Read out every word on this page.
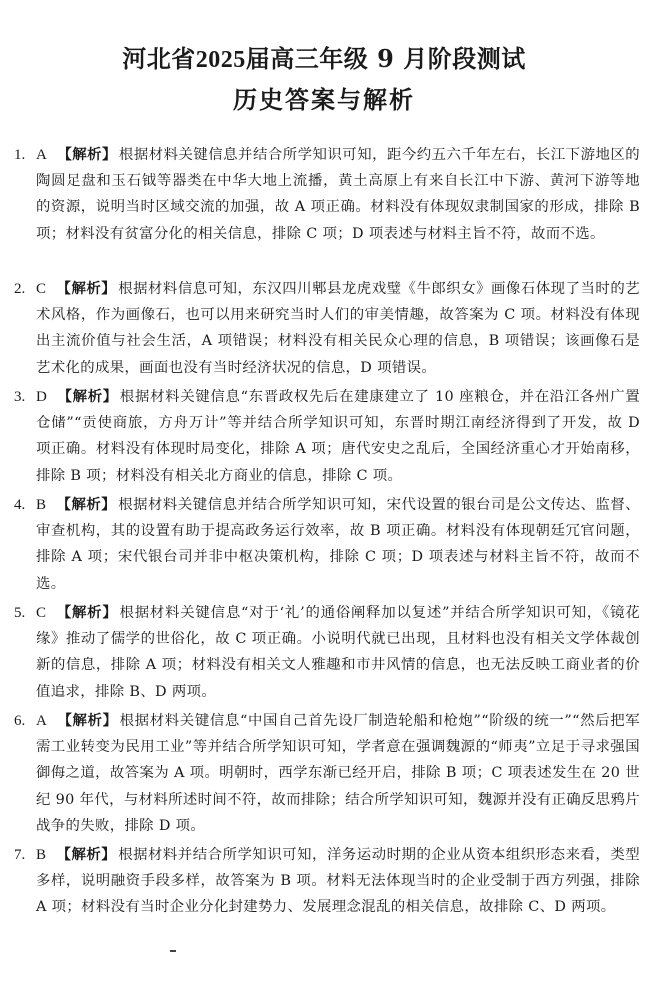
河北省2025届高三年级 9 月阶段测试
历史答案与解析
1. A 【解析】 根据材料关键信息并结合所学知识可知，距今约五六千年左右，长江下游地区的陶圆足盘和玉石钺等器类在中华大地上流播，黄土高原上有来自长江中下游、黄河下游等地的资源，说明当时区域交流的加强，故 A 项正确。材料没有体现奴隶制国家的形成，排除 B 项；材料没有贫富分化的相关信息，排除 C 项；D 项表述与材料主旨不符，故而不选。
2. C 【解析】 根据材料信息可知，东汉四川郫县龙虎戏璧《牛郎织女》画像石体现了当时的艺术风格，作为画像石，也可以用来研究当时人们的审美情趣，故答案为 C 项。材料没有体现出主流价值与社会生活，A 项错误；材料没有相关民众心理的信息，B 项错误；该画像石是艺术化的成果，画面也没有当时经济状况的信息，D 项错误。
3. D 【解析】 根据材料关键信息“东晋政权先后在建康建立了 10 座粮仓，并在沿江各州广置仓储”“贡使商旅，方舟万计”等并结合所学知识可知，东晋时期江南经济得到了开发，故 D 项正确。材料没有体现时局变化，排除 A 项；唐代安史之乱后，全国经济重心才开始南移，排除 B 项；材料没有相关北方商业的信息，排除 C 项。
4. B 【解析】 根据材料关键信息并结合所学知识可知，宋代设置的银台司是公文传达、监督、审查机构，其的设置有助于提高政务运行效率，故 B 项正确。材料没有体现朝廷冗官问题，排除 A 项；宋代银台司并非中枢决策机构，排除 C 项；D 项表述与材料主旨不符，故而不选。
5. C 【解析】 根据材料关键信息“对于‘礼’的通俗阐释加以复述”并结合所学知识可知，《镜花缘》推动了儒学的世俗化，故 C 项正确。小说明代就已出现，且材料也没有相关文学体裁创新的信息，排除 A 项；材料没有相关文人雅趣和市井风情的信息，也无法反映工商业者的价值追求，排除 B、D 两项。
6. A 【解析】 根据材料关键信息“中国自己首先设厂制造轮船和枪炮”“阶级的统一”“然后把军需工业转变为民用工业”等并结合所学知识可知，学者意在强调魏源的“师夷”立足于寻求强国御侮之道，故答案为 A 项。明朝时，西学东渐已经开启，排除 B 项；C 项表述发生在 20 世纪 90 年代，与材料所述时间不符，故而排除；结合所学知识可知，魏源并没有正确反思鸦片战争的失败，排除 D 项。
7. B 【解析】 根据材料并结合所学知识可知，洋务运动时期的企业从资本组织形态来看，类型多样，说明融资手段多样，故答案为 B 项。材料无法体现当时的企业受制于西方列强，排除 A 项；材料没有当时企业分化封建势力、发展理念混乱的相关信息，故排除 C、D 两项。
